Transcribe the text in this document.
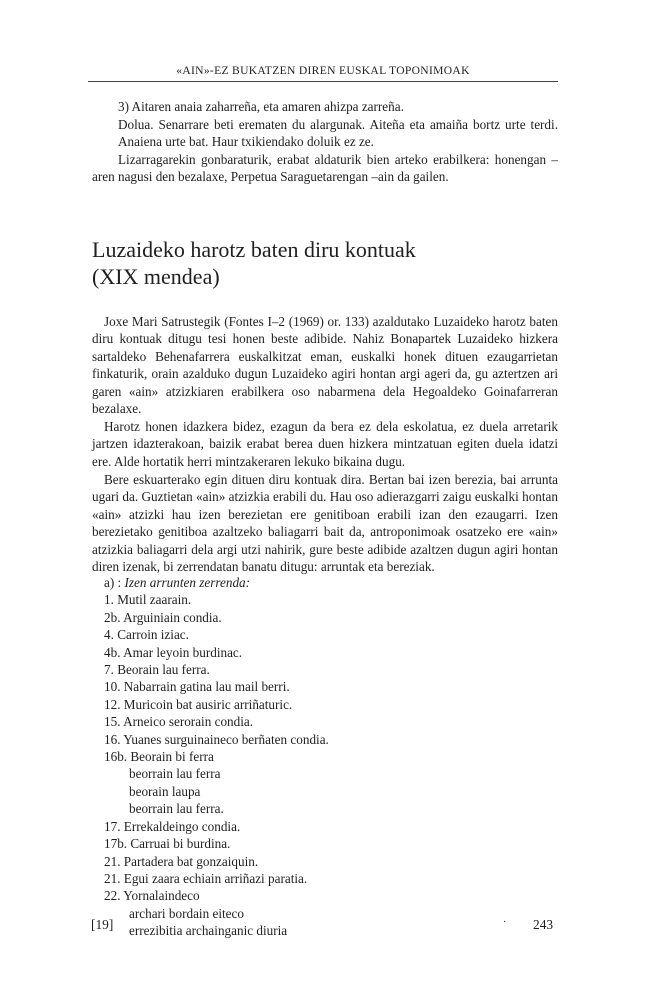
«AIN»-EZ BUKATZEN DIREN EUSKAL TOPONIMOAK

3) Aitaren anaia zaharreña, eta amaren ahizpa zarreña.

Dolua. Senarrare beti erematen du alargunak. Aiteña eta amaiña bortz urte terdi. Anaiena urte bat. Haur txikiendako doluik ez ze.

Lizarragarekin gonbaraturik, erabat aldaturik bien arteko erabilkera: honengan –aren nagusi den bezalaxe, Perpetua Saraguetarengan –ain da gailen.

Luzaideko harotz baten diru kontuak
(XIX mendea)

Joxe Mari Satrustegik (Fontes I–2 (1969) or. 133) azaldutako Luzaideko harotz baten diru kontuak ditugu tesi honen beste adibide. Nahiz Bonapartek Luzaideko hizkera sartaldeko Behenafarrera euskalkitzat eman, euskalki honek dituen ezaugarrietan finkaturik, orain azalduko dugun Luzaideko agiri hontan argi ageri da, gu aztertzen ari garen «ain» atzizkiaren erabilkera oso nabarmena dela Hegoaldeko Goinafarreran bezalaxe.

Harotz honen idazkera bidez, ezagun da bera ez dela eskolatua, ez duela arretarik jartzen idazterakoan, baizik erabat berea duen hizkera mintzatuan egiten duela idatzi ere. Alde hortatik herri mintzakeraren lekuko bikaina dugu.

Bere eskuarterako egin dituen diru kontuak dira. Bertan bai izen berezia, bai arrunta ugari da. Guztietan «ain» atzizkia erabili du. Hau oso adierazgarri zaigu euskalki hontan «ain» atzizki hau izen berezietan ere genitiboan erabili izan den ezaugarri. Izen berezietako genitiboa azaltzeko baliagarri bait da, antroponimoak osatzeko ere «ain» atzizkia baliagarri dela argi utzi nahirik, gure beste adibide azaltzen dugun agiri hontan diren izenak, bi zerrendatan banatu ditugu: arruntak eta bereziak.

a) : Izen arrunten zerrenda:
1. Mutil zaarain.
2b. Arguiniain condia.
4. Carroin iziac.
4b. Amar leyoin burdinac.
7. Beorain lau ferra.
10. Nabarrain gatina lau mail berri.
12. Muricoin bat ausiric arriñaturic.
15. Arneico serorain condia.
16. Yuanes surguinaineco berñaten condia.
16b. Beorain bi ferra
beorrain lau ferra
beorain laupa
beorrain lau ferra.
17. Errekaldeingo condia.
17b. Carruai bi burdina.
21. Partadera bat gonzaiquin.
21. Egui zaara echiain arriñazi paratia.
22. Yornalaindeco
archari bordain eiteco
errezibitia archainganic diuria
[19]	· 243
